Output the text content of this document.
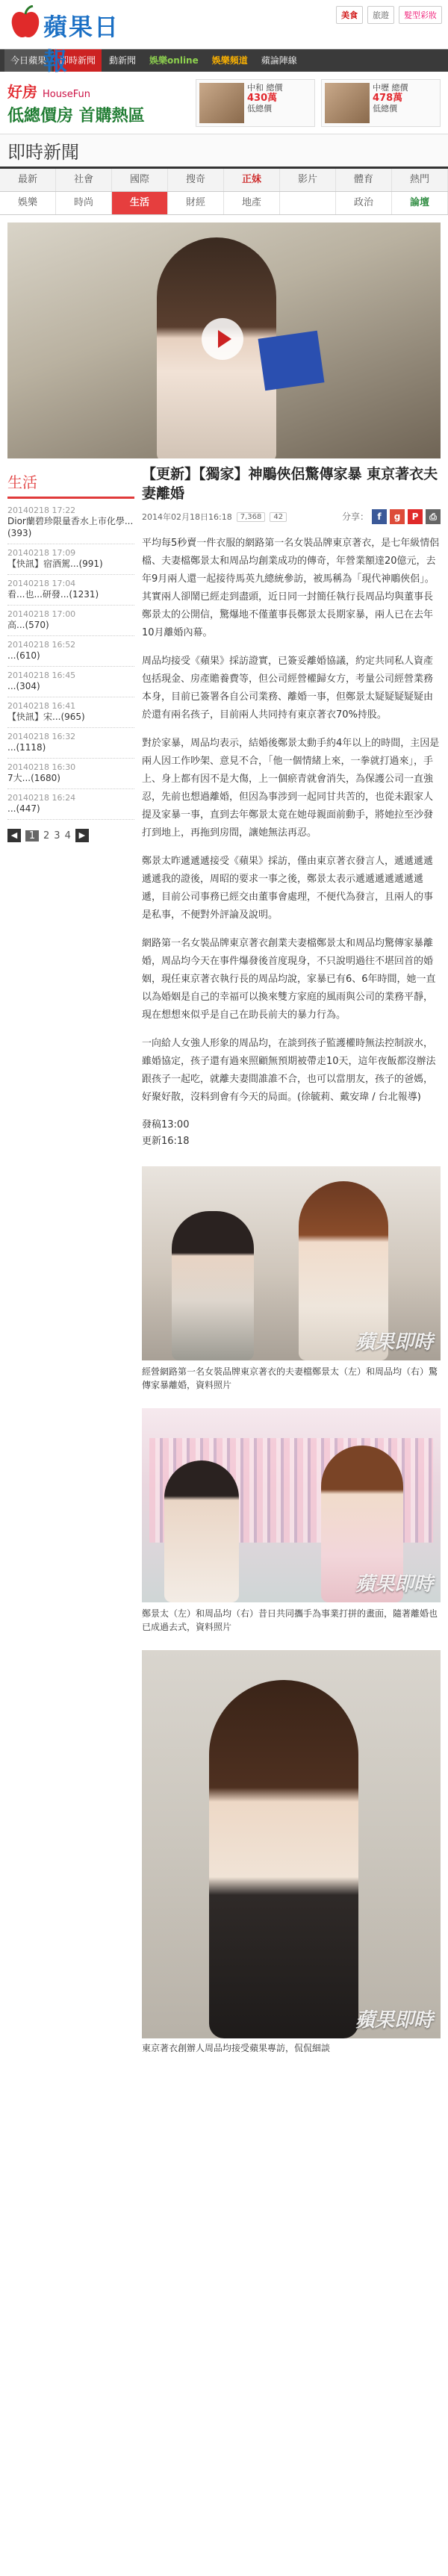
蘋果日報
美食	旅遊	髮型彩妝
今日蘋果	即時新聞	動新聞	娛樂online	娛樂頻道	蘋論陣線
好房 HouseFun
低總價房 首購熱區
中和 總價
430萬
低總價
中壢 總價
478萬
低總價
即時新聞
最新	社會	國際	搜奇	正妹	影片	體育	熱門
娛樂	時尚	生活	財經	地產	政治	論壇
生活
20140218 17:22
Dior蘭碧珍限量香水上市化學...(393)
20140218 17:09
【快訊】宿酒駕...(991)
20140218 17:04
看...也...研發...(1231)
20140218 17:00
高...(570)
20140218 16:52
...(610)
20140218 16:45
...(304)
20140218 16:41
【快訊】宋...(965)
20140218 16:32
...(1118)
20140218 16:30
7大...(1680)
20140218 16:24
...(447)
◀	1 2 3 4 ▶
【更新】【獨家】神鵰俠侶驚傳家暴 東京著衣夫妻離婚
2014年02月18日16:18	7,368	42	分享： f	g	P	⎙
平均每5秒賣一件衣服的網路第一名女裝品牌東京著衣，是七年級情侶檔、夫妻檔鄭景太和周品均創業成功的傳奇，年營業額達20億元，去年9月兩人還一起接待馬英九總統參訪，被馬稱為「現代神鵰俠侶」。其實兩人卻鬧已經走到盡頭，近日同一封簡任執行長周品均與董事長鄭景太的公開信，驚爆地不僅董事長鄭景太長期家暴，兩人已在去年10月離婚內幕。
周品均接受《蘋果》採訪證實，已簽妥離婚協議，約定共同私人資產包括現金、房產贍養費等，但公司經營權歸女方，考量公司經營業務本身，目前已簽署各自公司業務、離婚一事，但鄭景太疑疑疑疑疑由於還有兩名孩子，目前兩人共同持有東京著衣70%持股。
對於家暴，周品均表示，結婚後鄭景太動手約4年以上的時間，主因是兩人因工作吵架、意見不合，「他一個情緒上來，一拳就打過來」，手上、身上都有因不是大傷，上一個瘀青就會消失，為保護公司一直強忍，先前也想過離婚，但因為事涉到一起同甘共苦的，也從未跟家人提及家暴一事，直到去年鄭景太竟在她母親面前動手，將她拉至沙發打到地上，再拖到房間，讓她無法再忍。
鄭景太昨遞遞遞接受《蘋果》採訪，僅由東京著衣發言人，遞遞遞遞遞遞我的證後，周昭的要求一事之後，鄭景太表示遞遞遞遞遞遞遞遞，目前公司事務已經交由董事會處理，不便代為發言，且兩人的事是私事，不便對外評論及說明。
網路第一名女裝品牌東京著衣創業夫妻檔鄭景太和周品均驚傳家暴離婚，周品均今天在事件爆發後首度現身，不只說明過往不堪回首的婚姻，現任東京著衣執行長的周品均說，家暴已有6、6年時間，她一直以為婚姻是自己的幸福可以換來雙方家庭的風雨與公司的業務平靜，現在想想來似乎是自己在助長前夫的暴力行為。
一向給人女強人形象的周品均，在談到孩子監護權時無法控制淚水，雖婚協定，孩子還有過來照顧無預期被帶走10天，這年夜飯都沒辦法跟孩子一起吃，就離夫妻間誰誰不合，也可以當朋友，孩子的爸媽，好聚好散，沒料到會有今天的局面。(徐毓莉、戴安瑋 / 台北報導)
發稿13:00
更新16:18
蘋果即時
經營網路第一名女裝品牌東京著衣的夫妻檔鄭景太（左）和周品均（右）驚傳家暴離婚，資料照片
蘋果即時
鄭景太（左）和周品均（右）昔日共同攜手為事業打拼的畫面，隨著離婚也已成過去式，資料照片
蘋果即時
東京著衣創辦人周品均接受蘋果專訪，侃侃細談
